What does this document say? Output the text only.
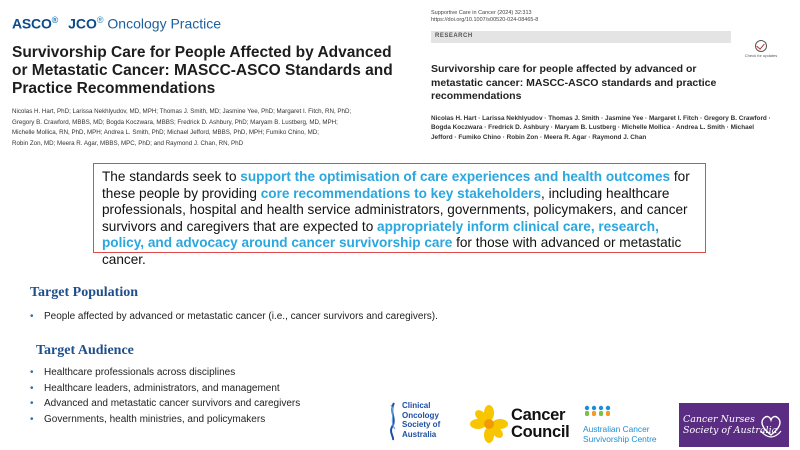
ASCO® JCO® Oncology Practice
Survivorship Care for People Affected by Advanced or Metastatic Cancer: MASCC-ASCO Standards and Practice Recommendations
Nicolas H. Hart, PhD; Larissa Nekhlyudov, MD, MPH; Thomas J. Smith, MD; Jasmine Yee, PhD; Margaret I. Fitch, RN, PhD;
Gregory B. Crawford, MBBS, MD; Bogda Koczwara, MBBS; Fredrick D. Ashbury, PhD; Maryam B. Lustberg, MD, MPH;
Michelle Mollica, RN, PhD, MPH; Andrea L. Smith, PhD; Michael Jefford, MBBS, PhD, MPH; Fumiko Chino, MD;
Robin Zon, MD; Meera R. Agar, MBBS, MPC, PhD; and Raymond J. Chan, RN, PhD
Supportive Care in Cancer (2024) 32:313
https://doi.org/10.1007/s00520-024-08465-8
RESEARCH
Check for updates
Survivorship care for people affected by advanced or metastatic cancer: MASCC-ASCO standards and practice recommendations
Nicolas H. Hart · Larissa Nekhlyudov · Thomas J. Smith · Jasmine Yee · Margaret I. Fitch · Gregory B. Crawford · Bogda Koczwara · Fredrick D. Ashbury · Maryam B. Lustberg · Michelle Mollica · Andrea L. Smith · Michael Jefford · Fumiko Chino · Robin Zon · Meera R. Agar · Raymond J. Chan
The standards seek to support the optimisation of care experiences and health outcomes for these people by providing core recommendations to key stakeholders, including healthcare professionals, hospital and health service administrators, governments, policymakers, and cancer survivors and caregivers that are expected to appropriately inform clinical care, research, policy, and advocacy around cancer survivorship care for those with advanced or metastatic cancer.
Target Population
• People affected by advanced or metastatic cancer (i.e., cancer survivors and caregivers).
Target Audience
• Healthcare professionals across disciplines
• Healthcare leaders, administrators, and management
• Advanced and metastatic cancer survivors and caregivers
• Governments, health ministries, and policymakers
Clinical
Oncology
Society of
Australia
Cancer
Council Australian Cancer
Survivorship Centre
Cancer Nurses
Society of Australia
